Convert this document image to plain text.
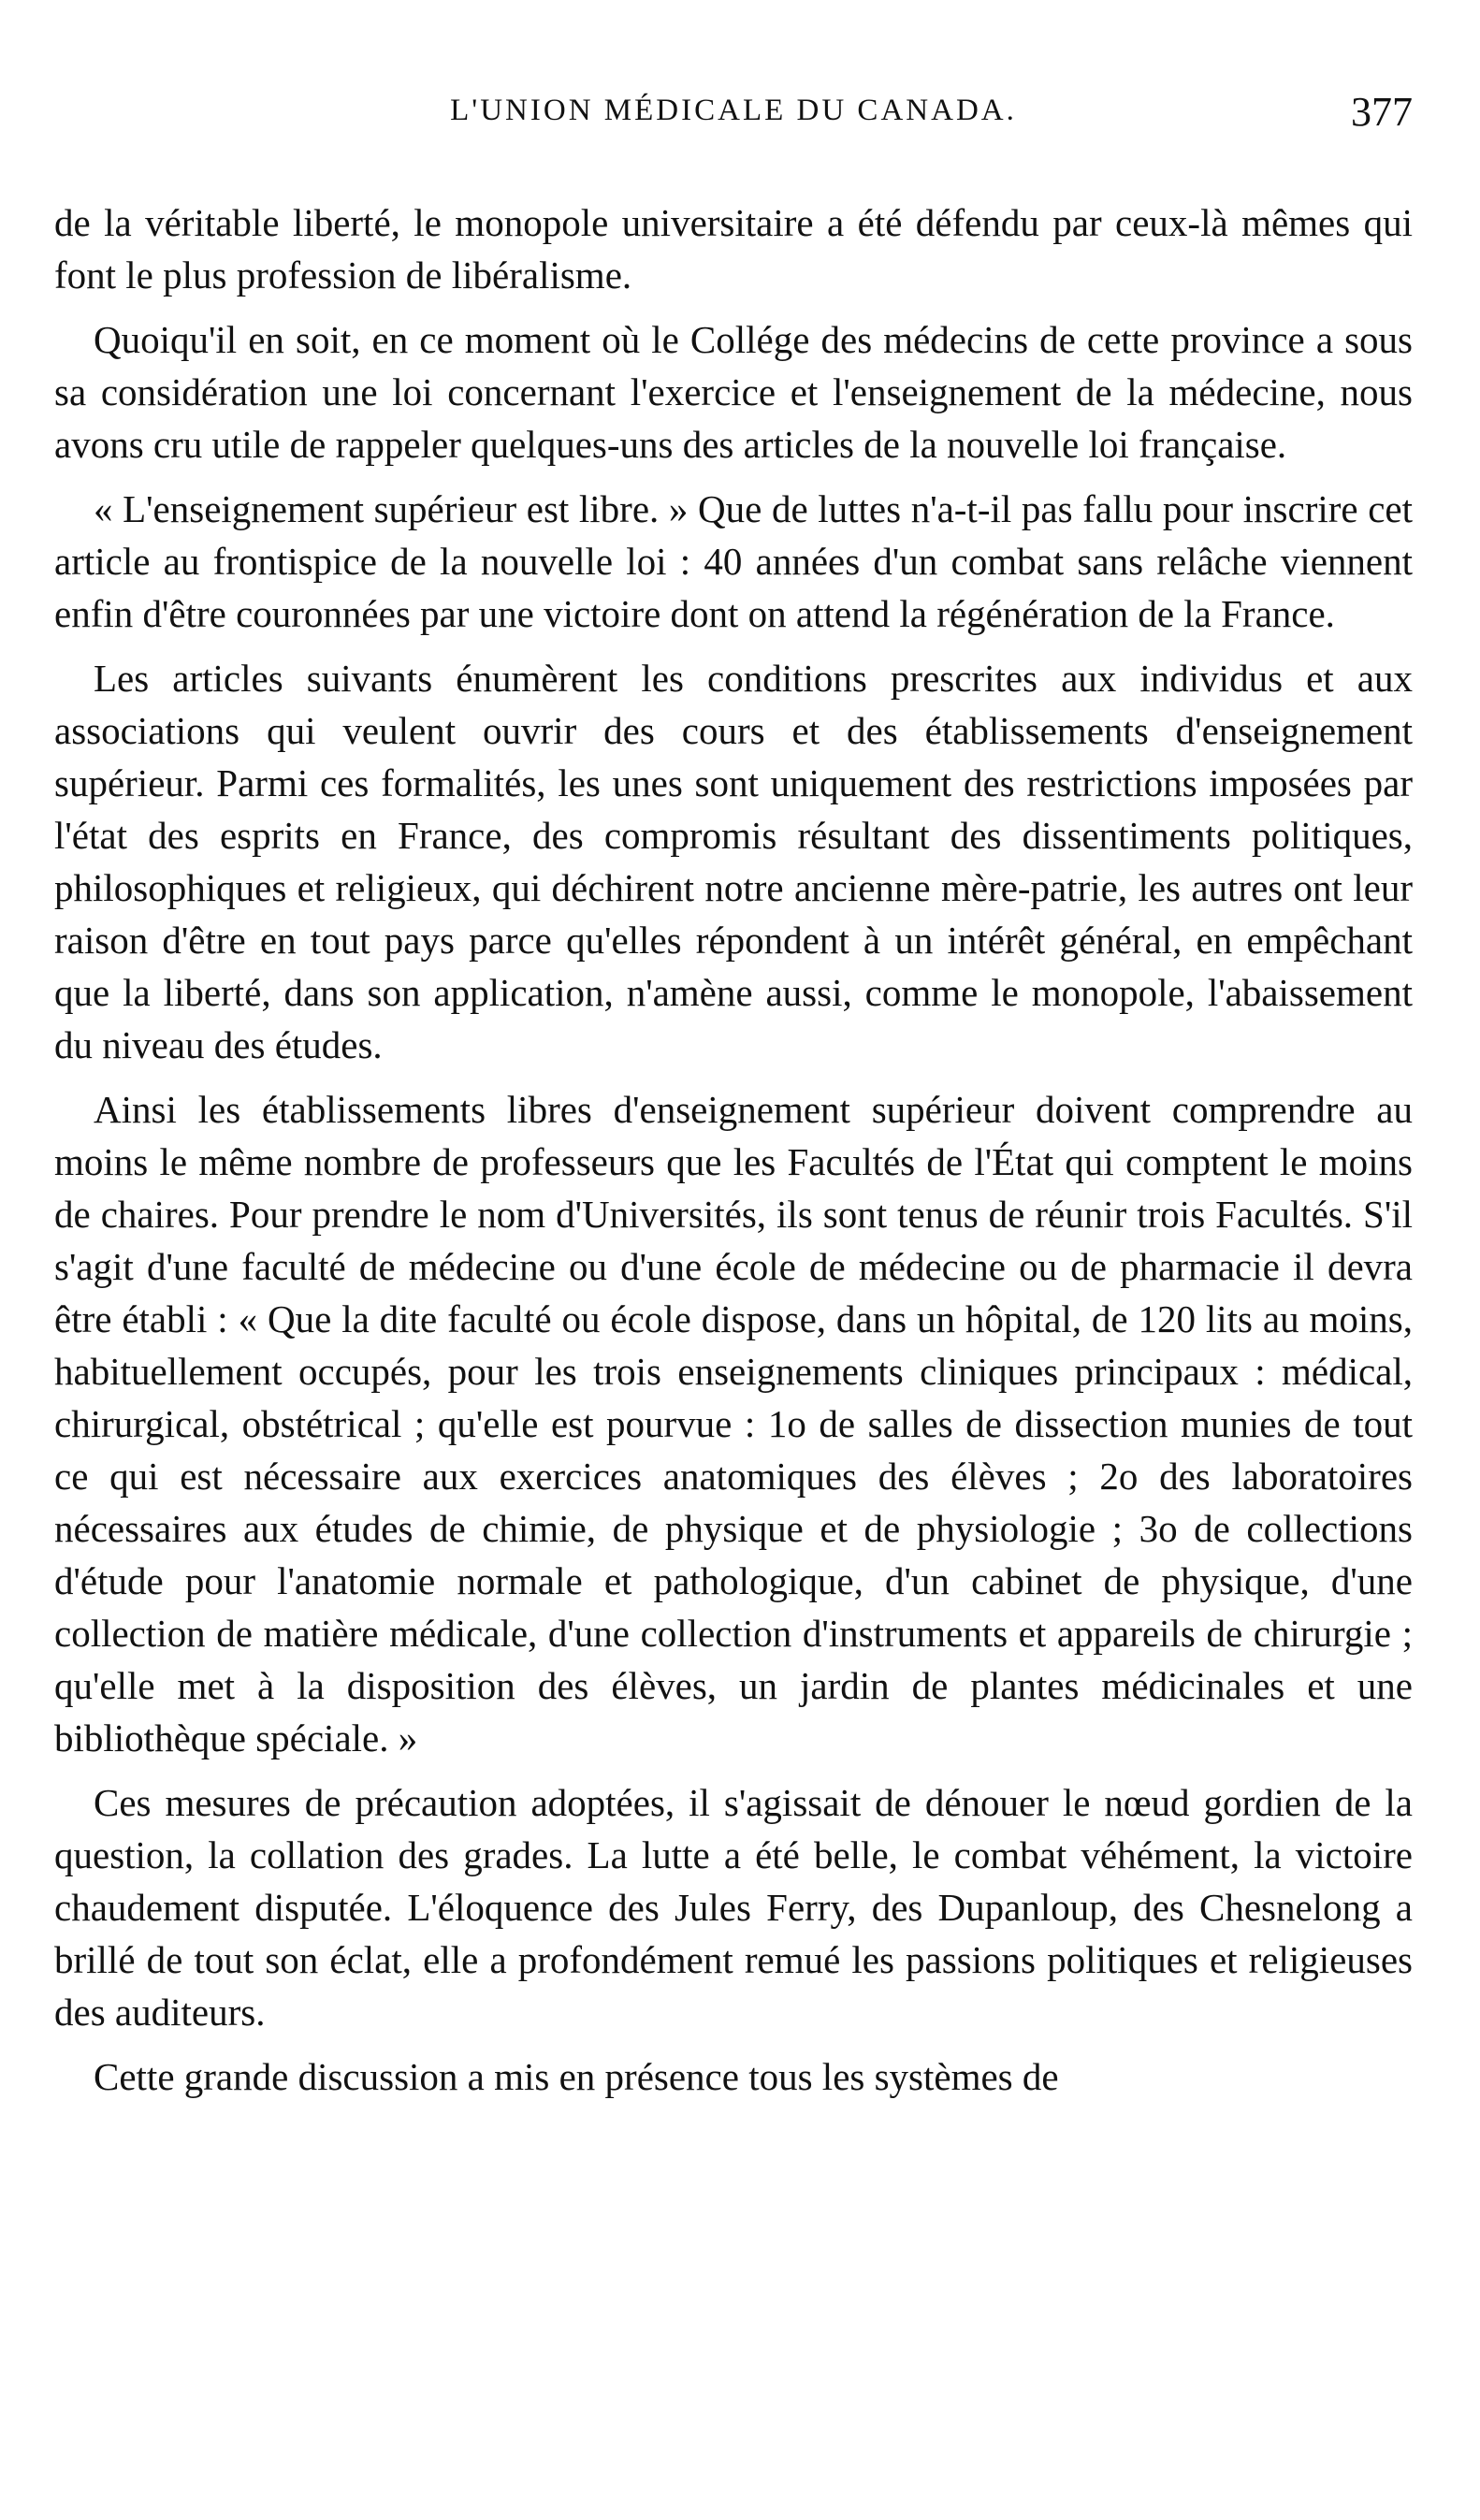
L'UNION MÉDICALE DU CANADA.	377

de la véritable liberté, le monopole universitaire a été défendu par ceux-là mêmes qui font le plus profession de libéralisme.

Quoiqu'il en soit, en ce moment où le Collége des médecins de cette province a sous sa considération une loi concernant l'exercice et l'enseignement de la médecine, nous avons cru utile de rappeler quelques-uns des articles de la nouvelle loi française.

« L'enseignement supérieur est libre. » Que de luttes n'a-t-il pas fallu pour inscrire cet article au frontispice de la nouvelle loi : 40 années d'un combat sans relâche viennent enfin d'être couronnées par une victoire dont on attend la régénération de la France.

Les articles suivants énumèrent les conditions prescrites aux individus et aux associations qui veulent ouvrir des cours et des établissements d'enseignement supérieur. Parmi ces formalités, les unes sont uniquement des restrictions imposées par l'état des esprits en France, des compromis résultant des dissentiments politiques, philosophiques et religieux, qui déchirent notre ancienne mère-patrie, les autres ont leur raison d'être en tout pays parce qu'elles répondent à un intérêt général, en empêchant que la liberté, dans son application, n'amène aussi, comme le monopole, l'abaissement du niveau des études.

Ainsi les établissements libres d'enseignement supérieur doivent comprendre au moins le même nombre de professeurs que les Facultés de l'État qui comptent le moins de chaires. Pour prendre le nom d'Universités, ils sont tenus de réunir trois Facultés. S'il s'agit d'une faculté de médecine ou d'une école de médecine ou de pharmacie il devra être établi : « Que la dite faculté ou école dispose, dans un hôpital, de 120 lits au moins, habituellement occupés, pour les trois enseignements cliniques principaux : médical, chirurgical, obstétrical ; qu'elle est pourvue : 1o de salles de dissection munies de tout ce qui est nécessaire aux exercices anatomiques des élèves ; 2o des laboratoires nécessaires aux études de chimie, de physique et de physiologie ; 3o de collections d'étude pour l'anatomie normale et pathologique, d'un cabinet de physique, d'une collection de matière médicale, d'une collection d'instruments et appareils de chirurgie ; qu'elle met à la disposition des élèves, un jardin de plantes médicinales et une bibliothèque spéciale. »

Ces mesures de précaution adoptées, il s'agissait de dénouer le nœud gordien de la question, la collation des grades. La lutte a été belle, le combat véhément, la victoire chaudement disputée. L'éloquence des Jules Ferry, des Dupanloup, des Chesnelong a brillé de tout son éclat, elle a profondément remué les passions politiques et religieuses des auditeurs.

Cette grande discussion a mis en présence tous les systèmes de
